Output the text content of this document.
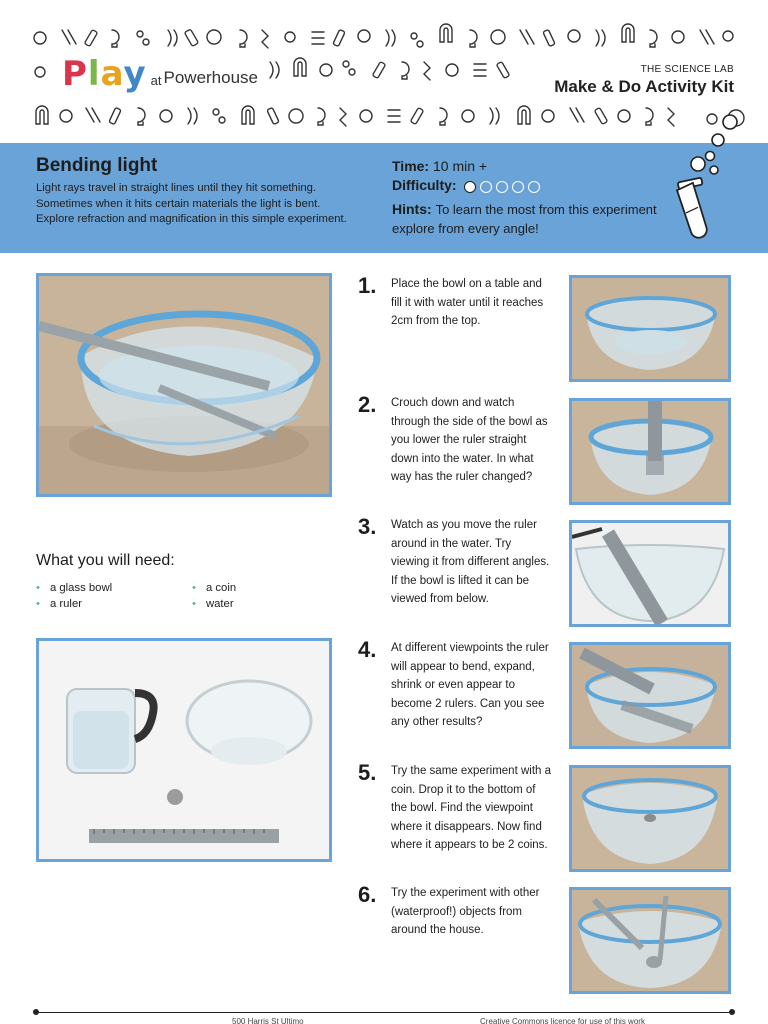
Play at Powerhouse	THE SCIENCE LAB
Make & Do Activity Kit
Bending light
Light rays travel in straight lines until they hit something. Sometimes when it hits certain materials the light is bent. Explore refraction and magnification in this simple experiment.
Time: 10 min +
Difficulty:
Hints: To learn the most from this experiment explore from every angle!
What you will need:
• a glass bowl
• a ruler
• a coin
• water
1. Place the bowl on a table and fill it with water until it reaches 2cm from the top.
2. Crouch down and watch through the side of the bowl as you lower the ruler straight down into the water. In what way has the ruler changed?
3. Watch as you move the ruler around in the water. Try viewing it from different angles. If the bowl is lifted it can be viewed from below.
4. At different viewpoints the ruler will appear to bend, expand, shrink or even appear to become 2 rulers. Can you see any other results?
5. Try the same experiment with a coin. Drop it to the bottom of the bowl. Find the viewpoint where it disappears. Now find where it appears to be 2 coins.
6. Try the experiment with other (waterproof!) objects from around the house.
500 Harris St Ultimo	Creative Commons licence for use of this work
